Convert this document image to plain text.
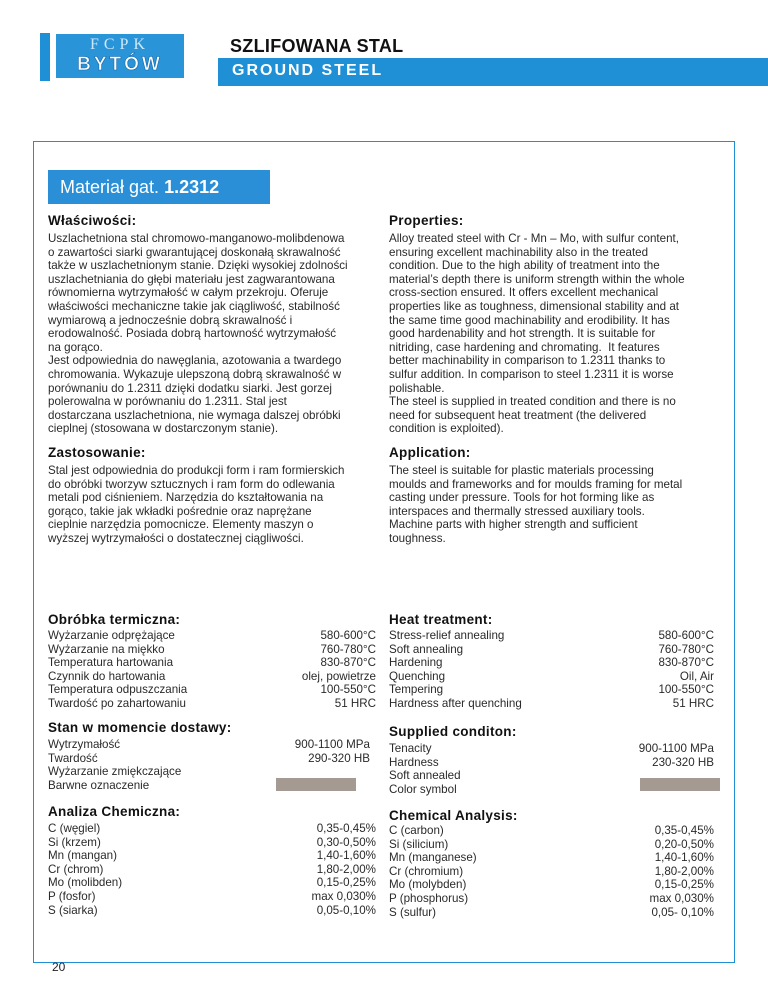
FCPK
BYTÓW
SZLIFOWANA STAL
GROUND STEEL
Materiał gat. 1.2312
Właściwości:
Uszlachetniona stal chromowo-manganowo-molibdenowa
o zawartości siarki gwarantującej doskonałą skrawalność
także w uszlachetnionym stanie. Dzięki wysokiej zdolności
uszlachetniania do głębi materiału jest zagwarantowana
równomierna wytrzymałość w całym przekroju. Oferuje
właściwości mechaniczne takie jak ciągliwość, stabilność
wymiarową a jednocześnie dobrą skrawalność i
erodowalność. Posiada dobrą hartowność wytrzymałość
na gorąco.
Jest odpowiednia do nawęglania, azotowania a twardego
chromowania. Wykazuje ulepszoną dobrą skrawalność w
porównaniu do 1.2311 dzięki dodatku siarki. Jest gorzej
polerowalna w porównaniu do 1.2311. Stal jest
dostarczana uszlachetniona, nie wymaga dalszej obróbki
cieplnej (stosowana w dostarczonym stanie).
Properties:
Alloy treated steel with Cr - Mn – Mo, with sulfur content,
ensuring excellent machinability also in the treated
condition. Due to the high ability of treatment into the
material’s depth there is uniform strength within the whole
cross-section ensured. It offers excellent mechanical
properties like as toughness, dimensional stability and at
the same time good machinability and erodibility. It has
good hardenability and hot strength. It is suitable for
nitriding, case hardening and chromating.  It features
better machinability in comparison to 1.2311 thanks to
sulfur addition. In comparison to steel 1.2311 it is worse
polishable.
The steel is supplied in treated condition and there is no
need for subsequent heat treatment (the delivered
condition is exploited).
Zastosowanie:
Stal jest odpowiednia do produkcji form i ram formierskich
do obróbki tworzyw sztucznych i ram form do odlewania
metali pod ciśnieniem. Narzędzia do kształtowania na
gorąco, takie jak wkładki pośrednie oraz naprężane
cieplnie narzędzia pomocnicze. Elementy maszyn o
wyższej wytrzymałości o dostatecznej ciągliwości.
Application:
The steel is suitable for plastic materials processing
moulds and frameworks and for moulds framing for metal
casting under pressure. Tools for hot forming like as
interspaces and thermally stressed auxiliary tools.
Machine parts with higher strength and sufficient
toughness.
Obróbka termiczna:
Wyżarzanie odprężające
Wyżarzanie na miękko
Temperatura hartowania
Czynnik do hartowania
Temperatura odpuszczania
Twardość po zahartowaniu
580-600°C
760-780°C
830-870°C
olej, powietrze
100-550°C
51 HRC
Heat treatment:
Stress-relief annealing
Soft annealing
Hardening
Quenching
Tempering
Hardness after quenching
580-600°C
760-780°C
830-870°C
Oil, Air
100-550°C
51 HRC
Stan w momencie dostawy:
Wytrzymałość
Twardość
Wyżarzanie zmiękczające
Barwne oznaczenie
900-1100 MPa
290-320 HB
Supplied conditon:
Tenacity
Hardness
Soft annealed
Color symbol
900-1100 MPa
230-320 HB
Analiza Chemiczna:
C (węgiel)
Si (krzem)
Mn (mangan)
Cr (chrom)
Mo (molibden)
P (fosfor)
S (siarka)
0,35-0,45%
0,30-0,50%
1,40-1,60%
1,80-2,00%
0,15-0,25%
max 0,030%
0,05-0,10%
Chemical Analysis:
C (carbon)
Si (silicium)
Mn (manganese)
Cr (chromium)
Mo (molybden)
P (phosphorus)
S (sulfur)
0,35-0,45%
0,20-0,50%
1,40-1,60%
1,80-2,00%
0,15-0,25%
max 0,030%
0,05- 0,10%
20
